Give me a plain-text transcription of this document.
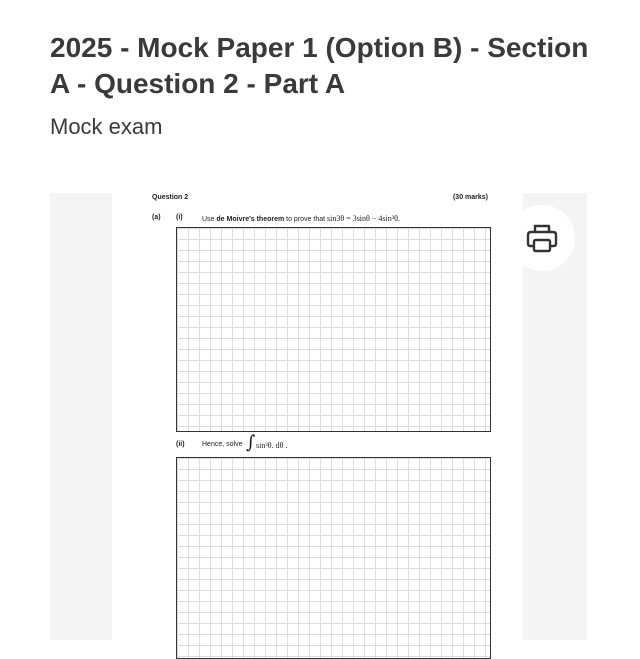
2025 - Mock Paper 1 (Option B) - Section A - Question 2 - Part A
Mock exam
Question 2	(30 marks)
(a) (i)	Use de Moivre's theorem to prove that sin3θ = 3sinθ − 4sin³θ.
(ii) Hence, solve ∫ sin³θ. dθ .
